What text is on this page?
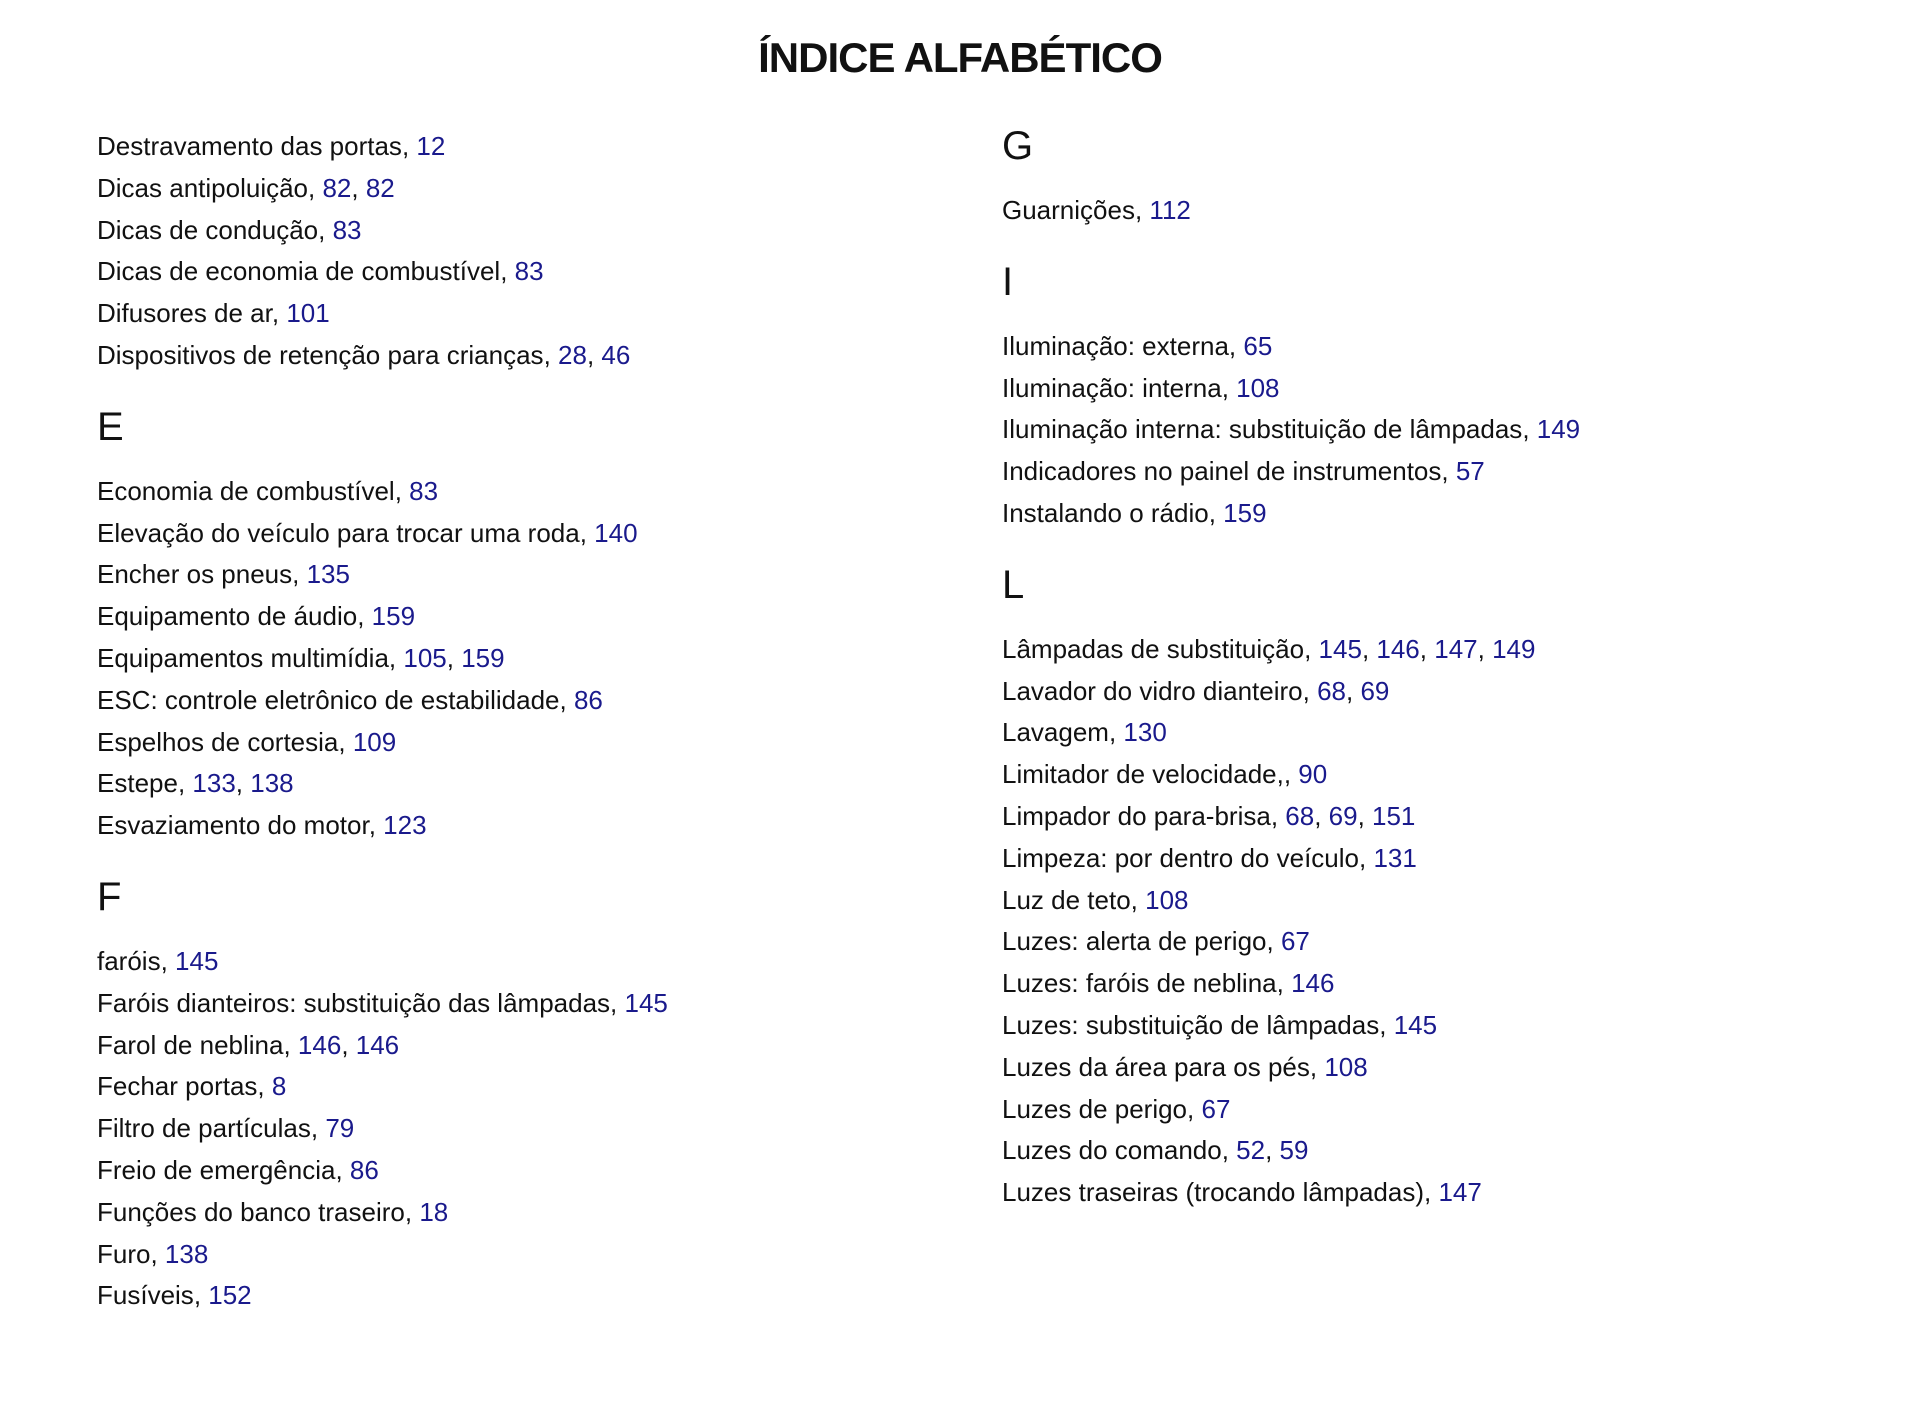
ÍNDICE ALFABÉTICO
Destravamento das portas, 12
Dicas antipoluição, 82, 82
Dicas de condução, 83
Dicas de economia de combustível, 83
Difusores de ar, 101
Dispositivos de retenção para crianças, 28, 46
E
Economia de combustível, 83
Elevação do veículo para trocar uma roda, 140
Encher os pneus, 135
Equipamento de áudio, 159
Equipamentos multimídia, 105, 159
ESC: controle eletrônico de estabilidade, 86
Espelhos de cortesia, 109
Estepe, 133, 138
Esvaziamento do motor, 123
F
faróis, 145
Faróis dianteiros: substituição das lâmpadas, 145
Farol de neblina, 146, 146
Fechar portas, 8
Filtro de partículas, 79
Freio de emergência, 86
Funções do banco traseiro, 18
Furo, 138
Fusíveis, 152
G
Guarnições, 112
I
Iluminação: externa, 65
Iluminação: interna, 108
Iluminação interna: substituição de lâmpadas, 149
Indicadores no painel de instrumentos, 57
Instalando o rádio, 159
L
Lâmpadas de substituição, 145, 146, 147, 149
Lavador do vidro dianteiro, 68, 69
Lavagem, 130
Limitador de velocidade,, 90
Limpador do para-brisa, 68, 69, 151
Limpeza: por dentro do veículo, 131
Luz de teto, 108
Luzes: alerta de perigo, 67
Luzes: faróis de neblina, 146
Luzes: substituição de lâmpadas, 145
Luzes da área para os pés, 108
Luzes de perigo, 67
Luzes do comando, 52, 59
Luzes traseiras (trocando lâmpadas), 147
